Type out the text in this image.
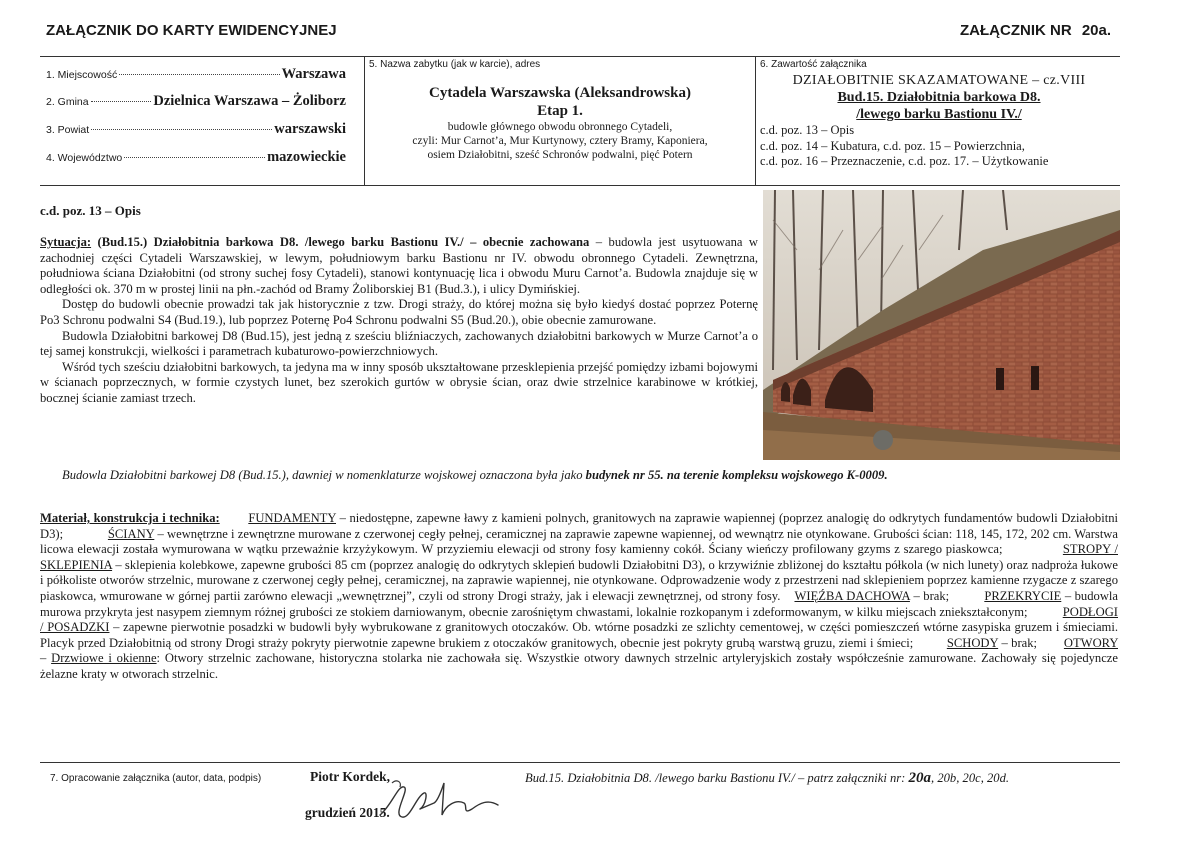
ZAŁĄCZNIK DO KARTY EWIDENCYJNEJ	ZAŁĄCZNIK NR 20a.
1. Miejscowość	Warszawa
2. Gmina	Dzielnica Warszawa – Żoliborz
3. Powiat	warszawski
4. Województwo	mazowieckie
5. Nazwa zabytku (jak w karcie), adres
Cytadela Warszawska (Aleksandrowska)
Etap 1.
budowle głównego obwodu obronnego Cytadeli,
czyli: Mur Carnot’a, Mur Kurtynowy, cztery Bramy, Kaponiera,
osiem Działobitni, sześć Schronów podwalni, pięć Potern
6. Zawartość załącznika
DZIAŁOBITNIE SKAZAMATOWANE – cz.VIII
Bud.15. Działobitnia barkowa D8.
/lewego barku Bastionu IV./
c.d. poz. 13 – Opis
c.d. poz. 14 – Kubatura, c.d. poz. 15 – Powierzchnia,
c.d. poz. 16 – Przeznaczenie, c.d. poz. 17. – Użytkowanie
c.d. poz. 13 – Opis

Sytuacja: (Bud.15.) Działobitnia barkowa D8. /lewego barku Bastionu IV./ – obecnie zachowana – budowla jest usytuowana w zachodniej części Cytadeli Warszawskiej, w lewym, południowym barku Bastionu nr IV. obwodu obronnego Cytadeli. Zewnętrzna, południowa ściana Działobitni (od strony suchej fosy Cytadeli), stanowi kontynuację lica i obwodu Muru Carnot’a. Budowla znajduje się w odległości ok. 370 m w prostej linii na płn.-zachód od Bramy Żoliborskiej B1 (Bud.3.), i ulicy Dymińskiej.

Dostęp do budowli obecnie prowadzi tak jak historycznie z tzw. Drogi straży, do której można się było kiedyś dostać poprzez Poternę Po3 Schronu podwalni S4 (Bud.19.), lub poprzez Poternę Po4 Schronu podwalni S5 (Bud.20.), obie obecnie zamurowane.

Budowla Działobitni barkowej D8 (Bud.15), jest jedną z sześciu bliźniaczych, zachowanych działobitni barkowych w Murze Carnot’a o tej samej konstrukcji, wielkości i parametrach kubaturowo-powierzchniowych.

Wśród tych sześciu działobitni barkowych, ta jedyna ma w inny sposób ukształtowane przesklepienia przejść pomiędzy izbami bojowymi w ścianach poprzecznych, w formie czystych lunet, bez szerokich gurtów w obrysie ścian, oraz dwie strzelnice karabinowe w krótkiej, bocznej ścianie zamiast trzech.

Budowla Działobitni barkowej D8 (Bud.15.), dawniej w nomenklaturze wojskowej oznaczona była jako budynek nr 55. na terenie kompleksu wojskowego K-0009.

Materiał, konstrukcja i technika: FUNDAMENTY – niedostępne, zapewne ławy z kamieni polnych, granitowych na zaprawie wapiennej (poprzez analogię do odkrytych fundamentów budowli Działobitni D3);	ŚCIANY – wewnętrzne i zewnętrzne murowane z czerwonej cegły pełnej, ceramicznej na zaprawie zapewne wapiennej, od wewnątrz nie otynkowane. Grubości ścian: 118, 145, 172, 202 cm. Warstwa licowa elewacji została wymurowana w wątku przeważnie krzyżykowym. W przyziemiu elewacji od strony fosy kamienny cokół. Ściany wieńczy profilowany gzyms z szarego piaskowca;	STROPY / SKLEPIENIA – sklepienia kolebkowe, zapewne grubości 85 cm (poprzez analogię do odkrytych sklepień budowli Działobitni D3), o krzywiźnie zbliżonej do kształtu półkola (w nich lunety) oraz nadproża łukowe i półkoliste otworów strzelnic, murowane z czerwonej cegły pełnej, ceramicznej, na zaprawie wapiennej, nie otynkowane. Odprowadzenie wody z przestrzeni nad sklepieniem poprzez kamienne rzygacze z szarego piaskowca, wmurowane w górnej partii zarówno elewacji „wewnętrznej”, czyli od strony Drogi straży, jak i elewacji zewnętrznej, od strony fosy. WIĘŹBA DACHOWA – brak;	PRZEKRYCIE – budowla murowa przykryta jest nasypem ziemnym różnej grubości ze stokiem darniowanym, obecnie zarośniętym chwastami, lokalnie rozkopanym i zdeformowanym, w kilku miejscach zniekształconym;	PODŁOGI / POSADZKI – zapewne pierwotnie posadzki w budowli były wybrukowane z granitowych otoczaków. Ob. wtórne posadzki ze szlichty cementowej, w części pomieszczeń wtórne zasypiska gruzem i śmieciami. Placyk przed Działobitnią od strony Drogi straży pokryty pierwotnie zapewne brukiem z otoczaków granitowych, obecnie jest pokryty grubą warstwą gruzu, ziemi i śmieci;	SCHODY – brak; OTWORY – Drzwiowe i okienne: Otwory strzelnic zachowane, historyczna stolarka nie zachowała się. Wszystkie otwory dawnych strzelnic artyleryjskich zostały współcześnie zamurowane. Zachowały się pojedyncze żelazne kraty w otworach strzelnic.

7. Opracowanie załącznika (autor, data, podpis)	Piotr Kordek,
grudzień 2015.
Bud.15. Działobitnia D8. /lewego barku Bastionu IV./ – patrz załączniki nr: 20a, 20b, 20c, 20d.
